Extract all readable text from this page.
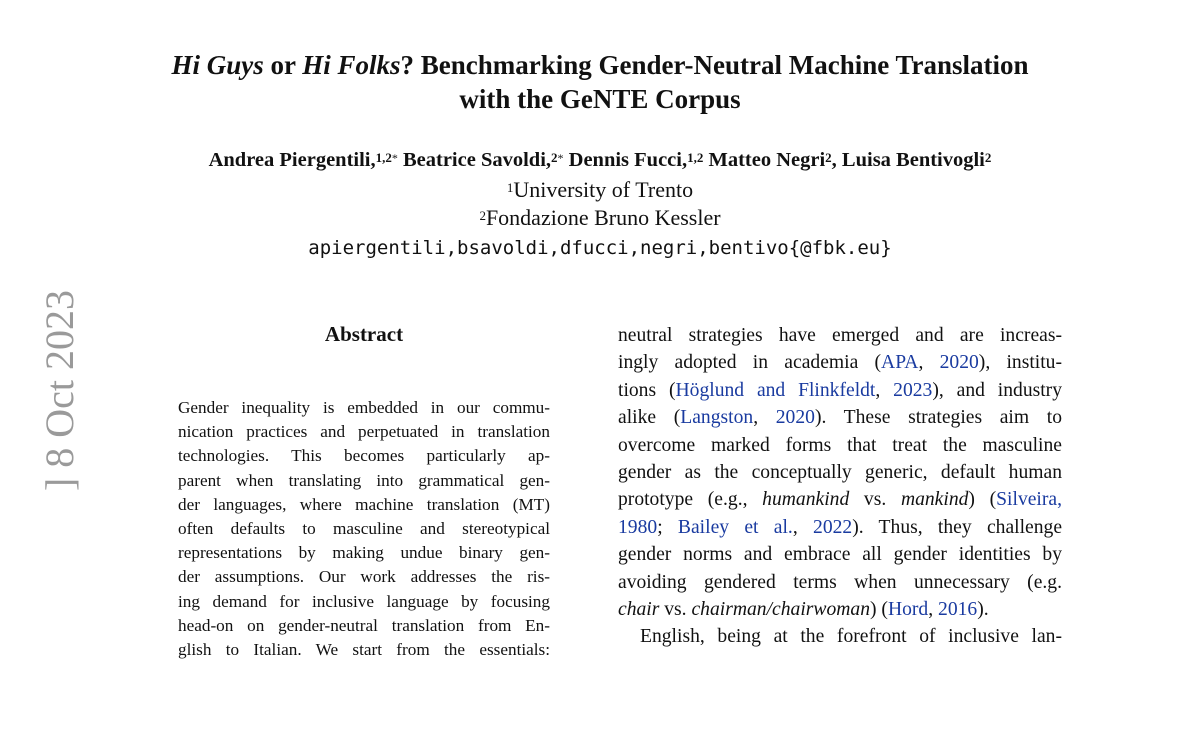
Hi Guys or Hi Folks? Benchmarking Gender-Neutral Machine Translation
with the GeNTE Corpus
Andrea Piergentili,$^{1,2*}$ Beatrice Savoldi,$^{2*}$ Dennis Fucci,$^{1,2}$ Matteo Negri$^2$, Luisa Bentivogli$^2$
$^1$University of Trento
$^2$Fondazione Bruno Kessler
apiergentili,bsavoldi,dfucci,negri,bentivo{@fbk.eu}
Abstract
Gender inequality is embedded in our commu-
nication practices and perpetuated in translation
technologies. This becomes particularly ap-
parent when translating into grammatical gen-
der languages, where machine translation (MT)
often defaults to masculine and stereotypical
representations by making undue binary gen-
der assumptions. Our work addresses the ris-
ing demand for inclusive language by focusing
head-on on gender-neutral translation from En-
glish to Italian. We start from the essentials:
neutral strategies have emerged and are increas-
ingly adopted in academia (APA, 2020), institu-
tions (Höglund and Flinkfeldt, 2023), and industry
alike (Langston, 2020). These strategies aim to
overcome marked forms that treat the masculine
gender as the conceptually generic, default human
prototype (e.g., humankind vs. mankind) (Silveira,
1980; Bailey et al., 2022). Thus, they challenge
gender norms and embrace all gender identities by
avoiding gendered terms when unnecessary (e.g.
chair vs. chairman/chairwoman) (Hord, 2016).
English, being at the forefront of inclusive lan-
] 8 Oct 2023
